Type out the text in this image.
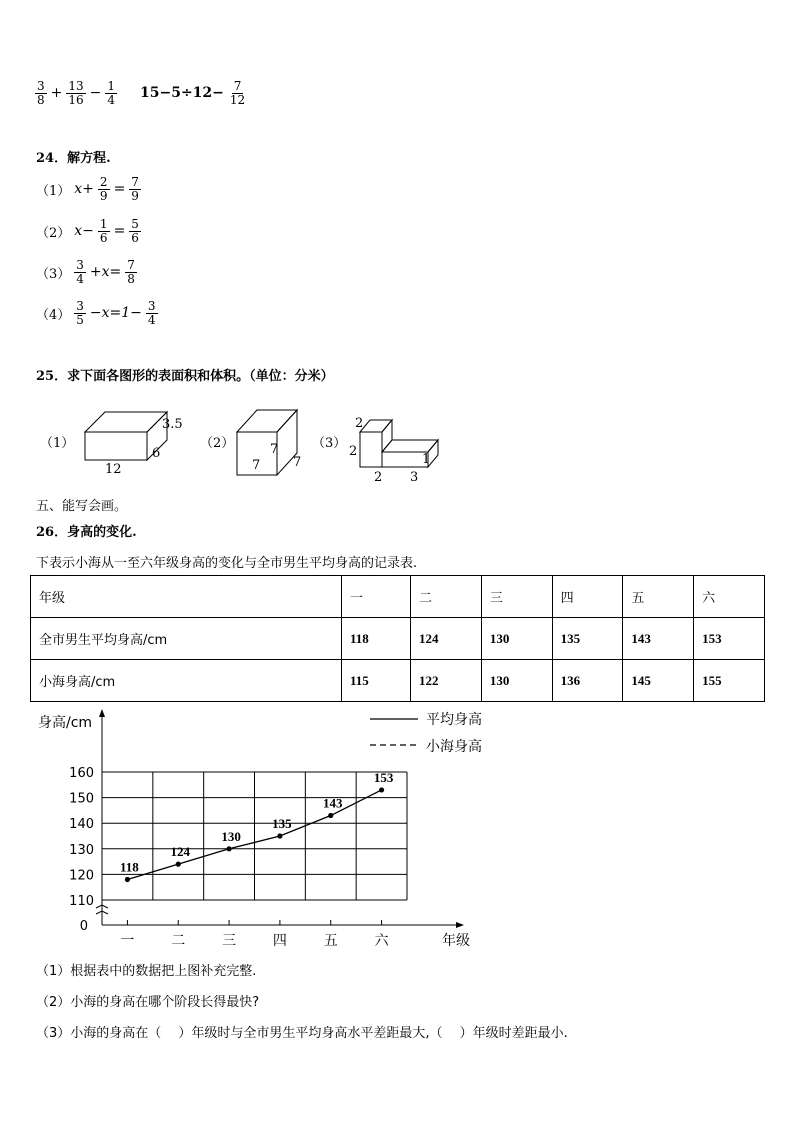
$\frac{3}{8} + \frac{13}{16} - \frac{1}{4} 15-5\div 12- \frac{7}{12}$
24．解方程.
（1） $x+ \frac{2}{9} = \frac{7}{9}$
（2） $x- \frac{1}{6} = \frac{5}{6}$
$(3) \frac{3}{4} +x= \frac{7}{8}$
$(4) \frac{3}{5} -x=1- \frac{3}{4}$
25．求下面各图形的表面积和体积。（单位：分米）
（1）
3.5
6
12
（2）	7
7	7
（3）
2
2
1
2 3
五、能写会画。
26．身高的变化.
下表示小海从一至六年级身高的变化与全市男生平均身高的记录表.
年级	一	二	三	四	五	六
全市男生平均身高/cm	118	124	130	135	143	153
小海身高/cm	115	122	130	136	145	155
160
150
140
130
120
110
0
一	二	三	四	五	六	年级
身高/cm
118
124
130
135
143
153
平均身高
小海身高
（1）根据表中的数据把上图补充完整.
（2）小海的身高在哪个阶段长得最快?
（3）小海的身高在（　 ）年级时与全市男生平均身高水平差距最大,（　 ）年级时差距最小.
